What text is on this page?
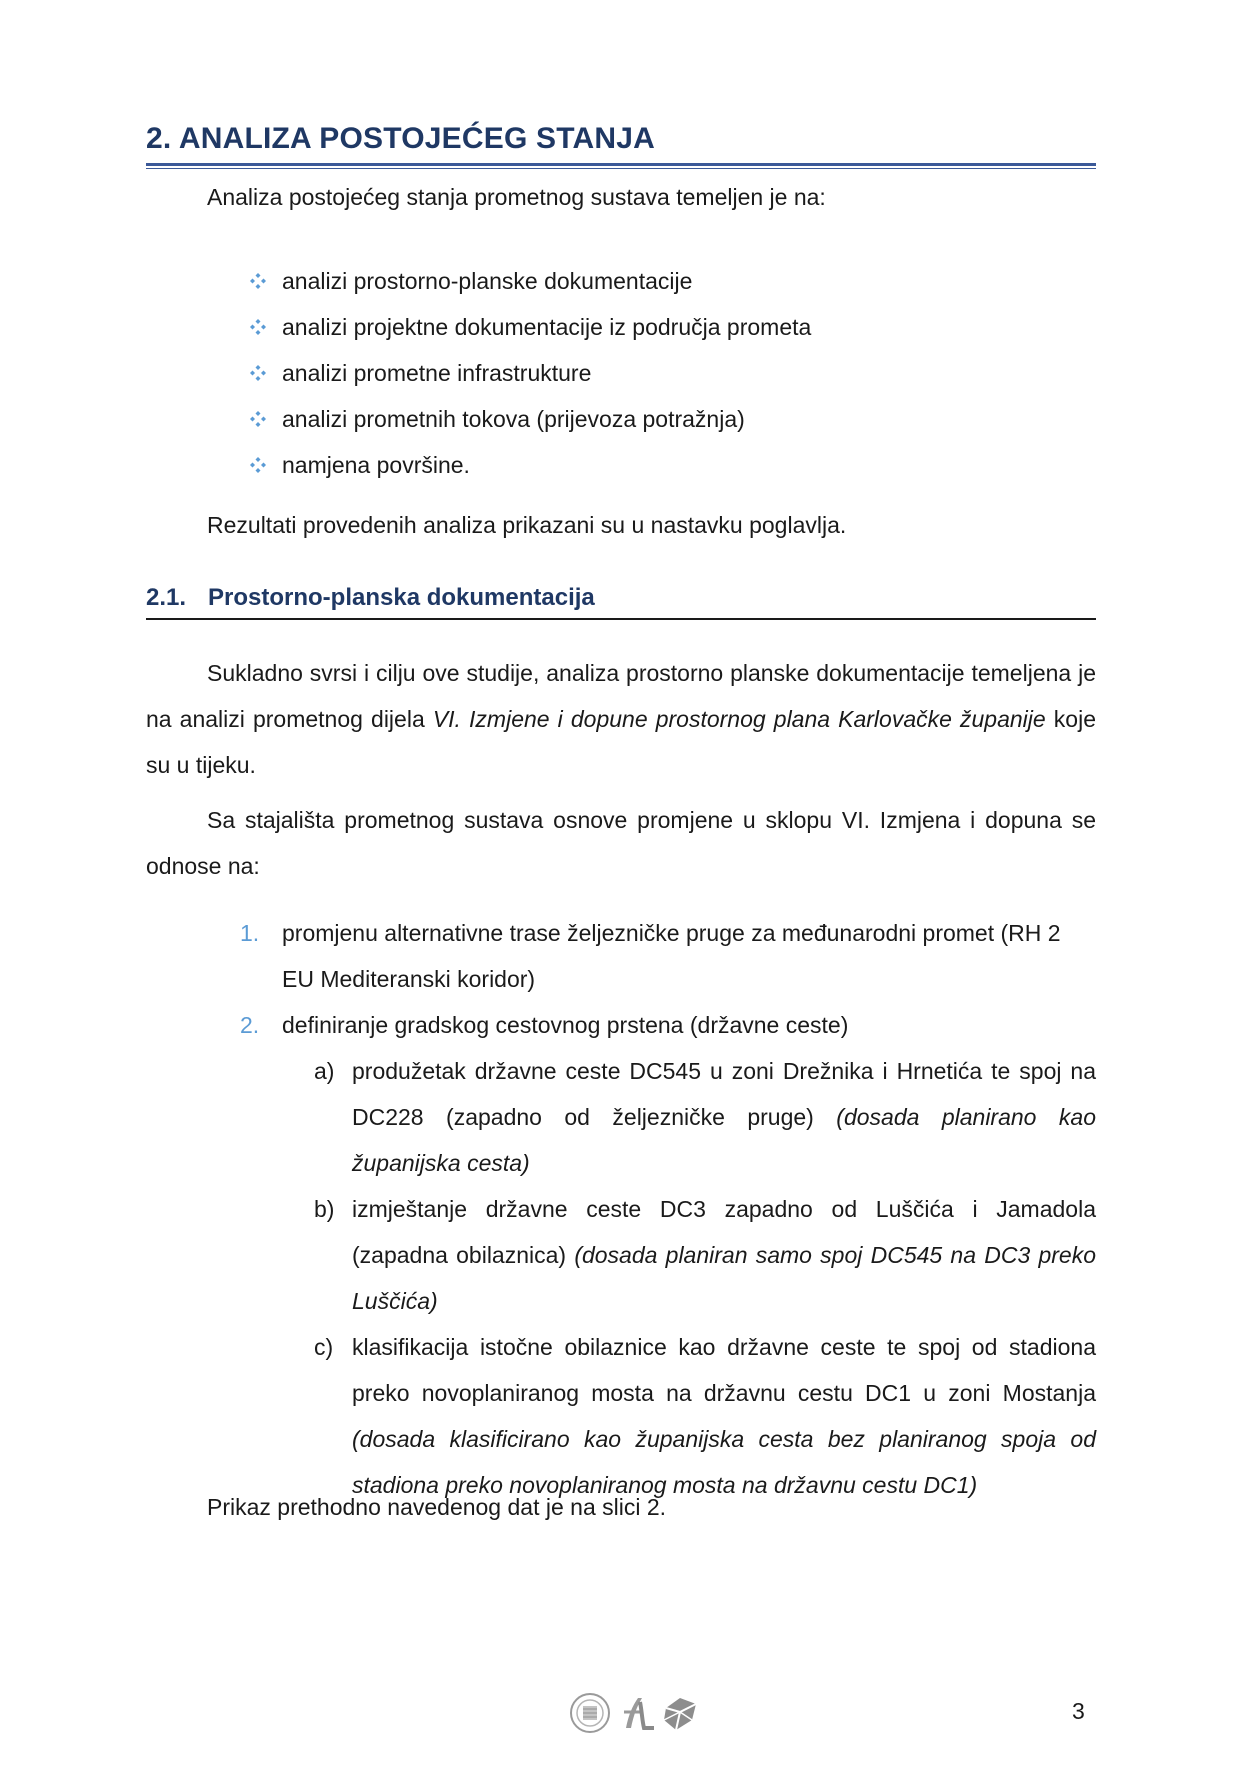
2. ANALIZA POSTOJEĆEG STANJA
Analiza postojećeg stanja prometnog sustava temeljen je na:
analizi prostorno-planske dokumentacije
analizi projektne dokumentacije iz područja prometa
analizi prometne infrastrukture
analizi prometnih tokova (prijevoza potražnja)
namjena površine.
Rezultati provedenih analiza prikazani su u nastavku poglavlja.
2.1. Prostorno-planska dokumentacija
Sukladno svrsi i cilju ove studije, analiza prostorno planske dokumentacije temeljena je na analizi prometnog dijela VI. Izmjene i dopune prostornog plana Karlovačke županije koje su u tijeku.
Sa stajališta prometnog sustava osnove promjene u sklopu VI. Izmjena i dopuna se odnose na:
1. promjenu alternativne trase željezničke pruge za međunarodni promet (RH 2 EU Mediteranski koridor)
2. definiranje gradskog cestovnog prstena (državne ceste)
a) produžetak državne ceste DC545 u zoni Drežnika i Hrnetića te spoj na DC228 (zapadno od željezničke pruge) (dosada planirano kao županijska cesta)
b) izmještanje državne ceste DC3 zapadno od Luščića i Jamadola (zapadna obilaznica) (dosada planiran samo spoj DC545 na DC3 preko Luščića)
c) klasifikacija istočne obilaznice kao državne ceste te spoj od stadiona preko novoplaniranog mosta na državnu cestu DC1 u zoni Mostanja (dosada klasificirano kao županijska cesta bez planiranog spoja od stadiona preko novoplaniranog mosta na državnu cestu DC1)
Prikaz prethodno navedenog dat je na slici 2.
3
